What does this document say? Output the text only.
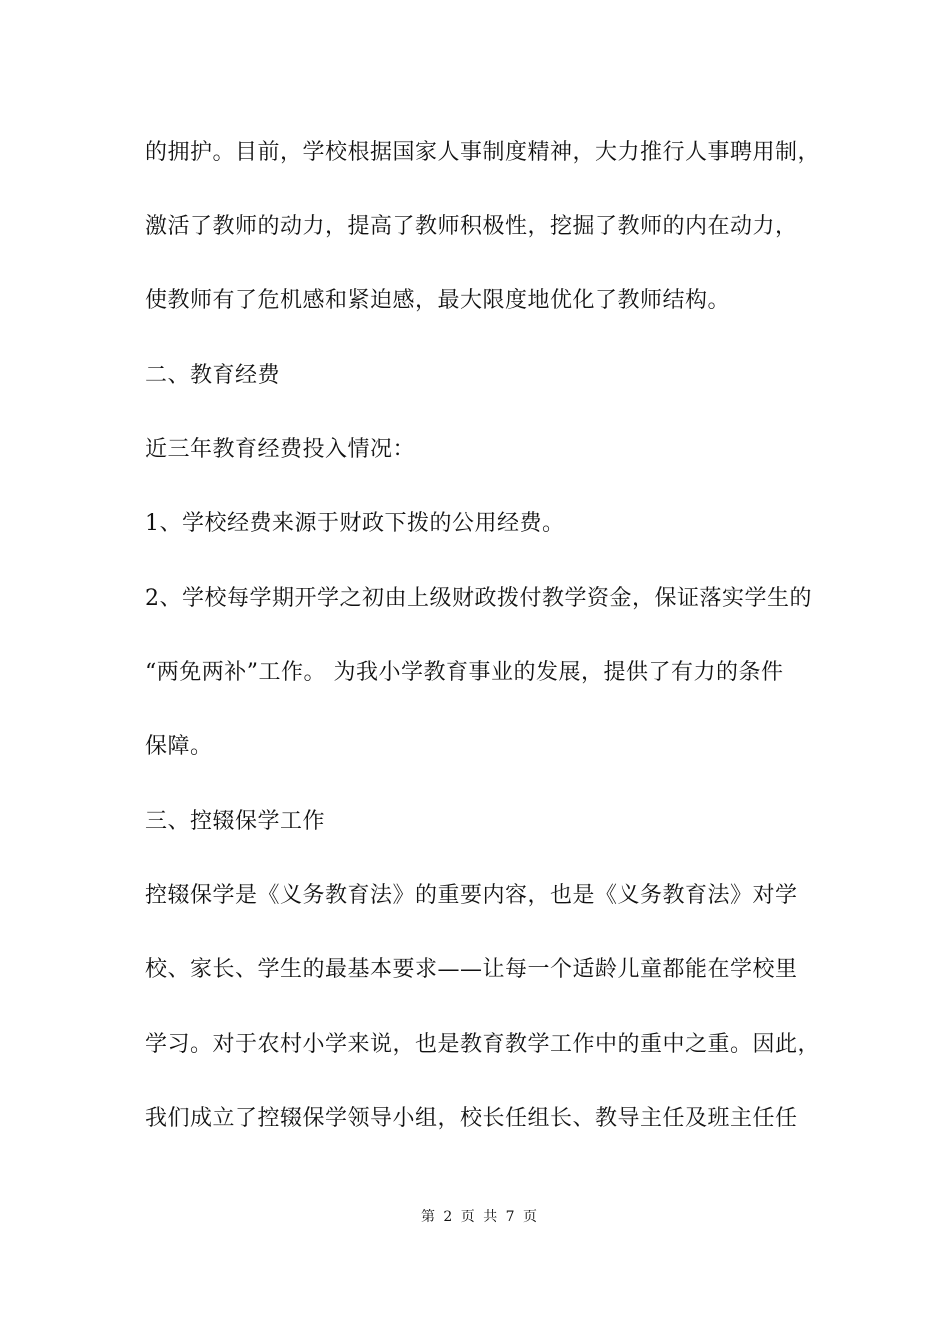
的拥护。目前，学校根据国家人事制度精神，大力推行人事聘用制，
激活了教师的动力，提高了教师积极性，挖掘了教师的内在动力，
使教师有了危机感和紧迫感，最大限度地优化了教师结构。
二、教育经费
近三年教育经费投入情况：
1、学校经费来源于财政下拨的公用经费。
2、学校每学期开学之初由上级财政拨付教学资金，保证落实学生的
“两免两补”工作。 为我小学教育事业的发展，提供了有力的条件
保障。
三、控辍保学工作
控辍保学是《义务教育法》的重要内容，也是《义务教育法》对学
校、家长、学生的最基本要求——让每一个适龄儿童都能在学校里
学习。对于农村小学来说，也是教育教学工作中的重中之重。因此，
我们成立了控辍保学领导小组，校长任组长、教导主任及班主任任
第 2 页 共 7 页
